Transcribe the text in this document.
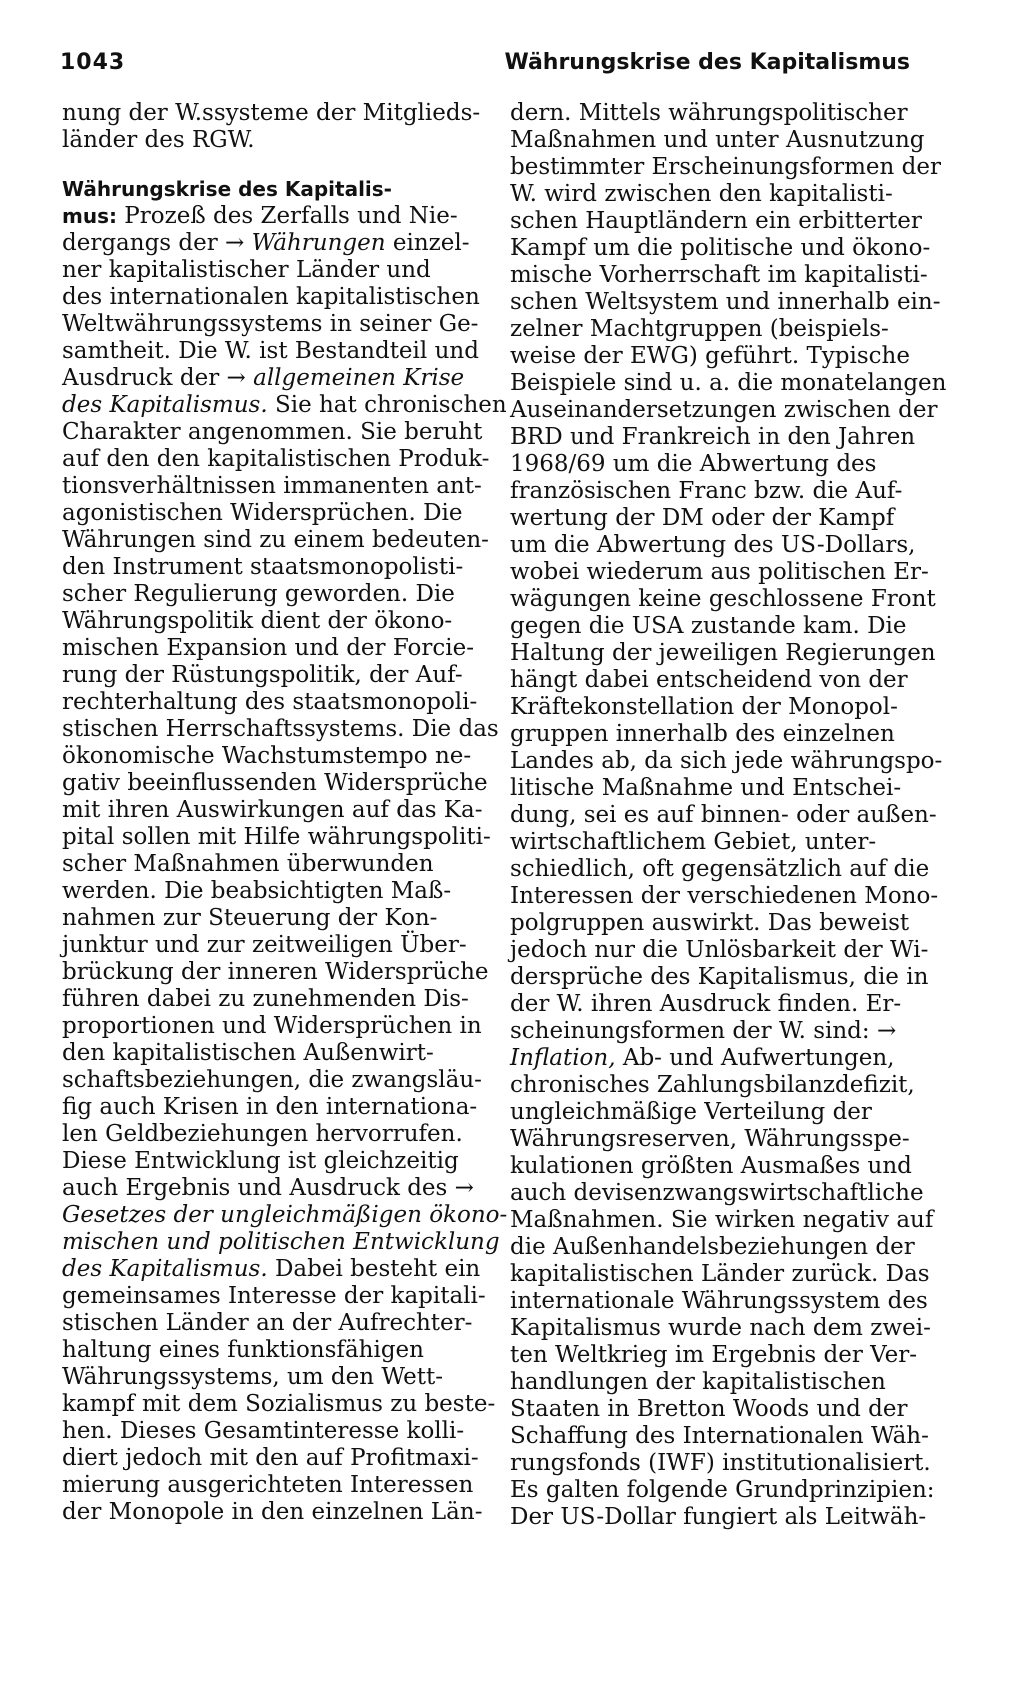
1043	Währungskrise des Kapitalismus
nung der W.ssysteme der Mitglieds-
länder des RGW.
Währungskrise des Kapitalis-
mus: Prozeß des Zerfalls und Nie-
dergangs der → Währungen einzel-
ner kapitalistischer Länder und
des internationalen kapitalistischen
Weltwährungssystems in seiner Ge-
samtheit. Die W. ist Bestandteil und
Ausdruck der → allgemeinen Krise
des Kapitalismus. Sie hat chronischen
Charakter angenommen. Sie beruht
auf den den kapitalistischen Produk-
tionsverhältnissen immanenten ant-
agonistischen Widersprüchen. Die
Währungen sind zu einem bedeuten-
den Instrument staatsmonopolisti-
scher Regulierung geworden. Die
Währungspolitik dient der ökono-
mischen Expansion und der Forcie-
rung der Rüstungspolitik, der Auf-
rechterhaltung des staatsmonopoli-
stischen Herrschaftssystems. Die das
ökonomische Wachstumstempo ne-
gativ beeinflussenden Widersprüche
mit ihren Auswirkungen auf das Ka-
pital sollen mit Hilfe währungspoliti-
scher Maßnahmen überwunden
werden. Die beabsichtigten Maß-
nahmen zur Steuerung der Kon-
junktur und zur zeitweiligen Über-
brückung der inneren Widersprüche
führen dabei zu zunehmenden Dis-
proportionen und Widersprüchen in
den kapitalistischen Außenwirt-
schaftsbeziehungen, die zwangsläu-
fig auch Krisen in den internationa-
len Geldbeziehungen hervorrufen.
Diese Entwicklung ist gleichzeitig
auch Ergebnis und Ausdruck des →
Gesetzes der ungleichmäßigen ökono-
mischen und politischen Entwicklung
des Kapitalismus. Dabei besteht ein
gemeinsames Interesse der kapitali-
stischen Länder an der Aufrechter-
haltung eines funktionsfähigen
Währungssystems, um den Wett-
kampf mit dem Sozialismus zu beste-
hen. Dieses Gesamtinteresse kolli-
diert jedoch mit den auf Profitmaxi-
mierung ausgerichteten Interessen
der Monopole in den einzelnen Län-
dern. Mittels währungspolitischer
Maßnahmen und unter Ausnutzung
bestimmter Erscheinungsformen der
W. wird zwischen den kapitalisti-
schen Hauptländern ein erbitterter
Kampf um die politische und ökono-
mische Vorherrschaft im kapitalisti-
schen Weltsystem und innerhalb ein-
zelner Machtgruppen (beispiels-
weise der EWG) geführt. Typische
Beispiele sind u. a. die monatelangen
Auseinandersetzungen zwischen der
BRD und Frankreich in den Jahren
1968/69 um die Abwertung des
französischen Franc bzw. die Auf-
wertung der DM oder der Kampf
um die Abwertung des US-Dollars,
wobei wiederum aus politischen Er-
wägungen keine geschlossene Front
gegen die USA zustande kam. Die
Haltung der jeweiligen Regierungen
hängt dabei entscheidend von der
Kräftekonstellation der Monopol-
gruppen innerhalb des einzelnen
Landes ab, da sich jede währungspo-
litische Maßnahme und Entschei-
dung, sei es auf binnen- oder außen-
wirtschaftlichem Gebiet, unter-
schiedlich, oft gegensätzlich auf die
Interessen der verschiedenen Mono-
polgruppen auswirkt. Das beweist
jedoch nur die Unlösbarkeit der Wi-
dersprüche des Kapitalismus, die in
der W. ihren Ausdruck finden. Er-
scheinungsformen der W. sind: →
Inflation, Ab- und Aufwertungen,
chronisches Zahlungsbilanzdefizit,
ungleichmäßige Verteilung der
Währungsreserven, Währungsspe-
kulationen größten Ausmaßes und
auch devisenzwangswirtschaftliche
Maßnahmen. Sie wirken negativ auf
die Außenhandelsbeziehungen der
kapitalistischen Länder zurück. Das
internationale Währungssystem des
Kapitalismus wurde nach dem zwei-
ten Weltkrieg im Ergebnis der Ver-
handlungen der kapitalistischen
Staaten in Bretton Woods und der
Schaffung des Internationalen Wäh-
rungsfonds (IWF) institutionalisiert.
Es galten folgende Grundprinzipien:
Der US-Dollar fungiert als Leitwäh-
